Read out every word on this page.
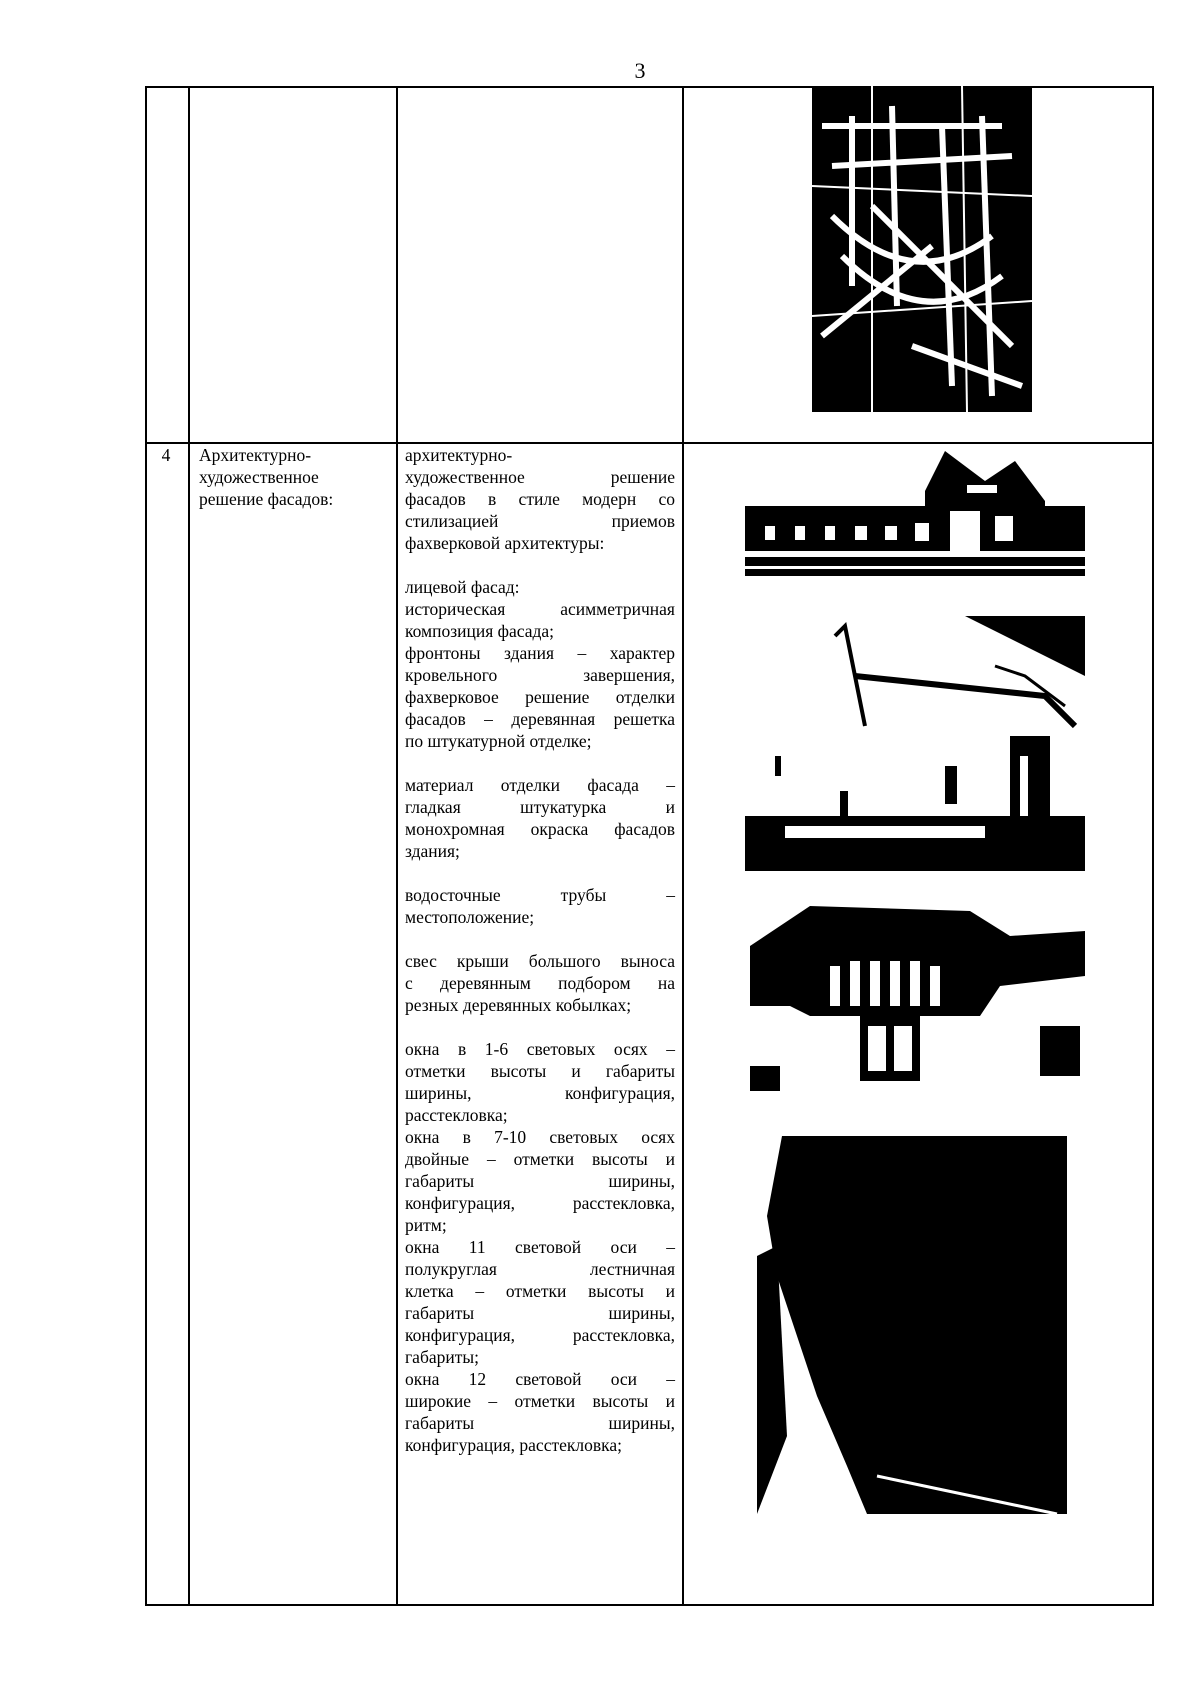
3
4	Архитектурно-
художественное
решение фасадов:

архитектурно-
художественное решение
фасадов в стиле модерн со
стилизацией приемов
фахверковой архитектуры:

лицевой фасад:
историческая асимметричная
композиция фасада;
фронтоны здания – характер
кровельного завершения,
фахверковое решение отделки
фасадов – деревянная решетка
по штукатурной отделке;

материал отделки фасада –
гладкая штукатурка и
монохромная окраска фасадов
здания;

водосточные трубы –
местоположение;

свес крыши большого выноса
с деревянным подбором на
резных деревянных кобылках;

окна в 1-6 световых осях –
отметки высоты и габариты
ширины, конфигурация,
расстекловка;
окна в 7-10 световых осях
двойные – отметки высоты и
габариты ширины,
конфигурация, расстекловка,
ритм;
окна 11 световой оси –
полукруглая лестничная
клетка – отметки высоты и
габариты ширины,
конфигурация, расстекловка,
габариты;
окна 12 световой оси –
широкие – отметки высоты и
габариты ширины,
конфигурация, расстекловка;
